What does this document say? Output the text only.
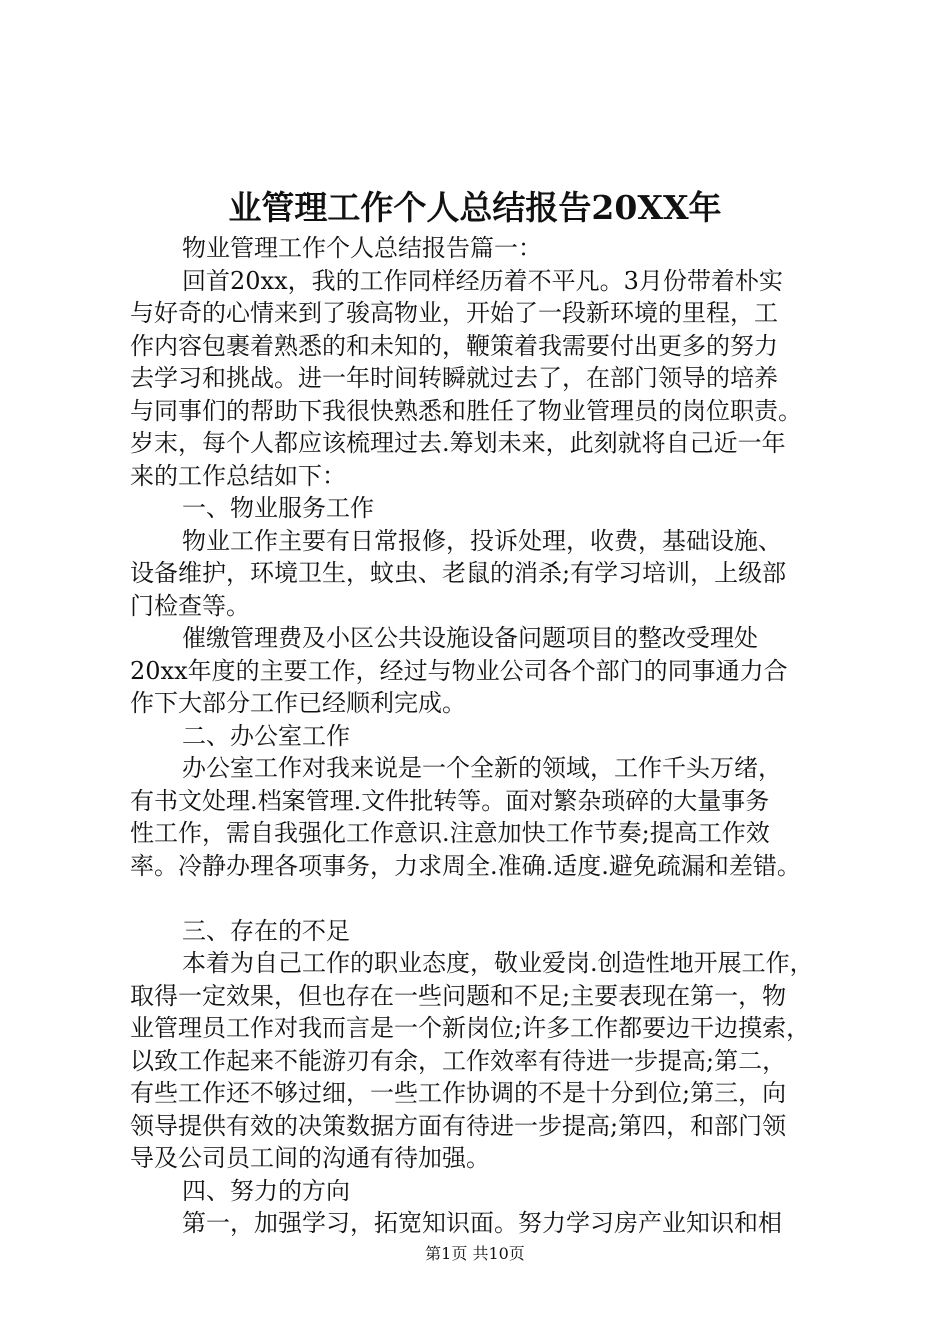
业管理工作个人总结报告20XX年
物业管理工作个人总结报告篇一：
回首20xx，我的工作同样经历着不平凡。3月份带着朴实
与好奇的心情来到了骏高物业，开始了一段新环境的里程，工
作内容包裹着熟悉的和未知的，鞭策着我需要付出更多的努力
去学习和挑战。进一年时间转瞬就过去了，在部门领导的培养
与同事们的帮助下我很快熟悉和胜任了物业管理员的岗位职责。
岁末，每个人都应该梳理过去.筹划未来，此刻就将自己近一年
来的工作总结如下：
一、物业服务工作
物业工作主要有日常报修，投诉处理，收费，基础设施、
设备维护，环境卫生，蚊虫、老鼠的消杀;有学习培训，上级部
门检查等。
催缴管理费及小区公共设施设备问题项目的整改受理处
20xx年度的主要工作，经过与物业公司各个部门的同事通力合
作下大部分工作已经顺利完成。
二、办公室工作
办公室工作对我来说是一个全新的领域，工作千头万绪，
有书文处理.档案管理.文件批转等。面对繁杂琐碎的大量事务
性工作，需自我强化工作意识.注意加快工作节奏;提高工作效
率。冷静办理各项事务，力求周全.准确.适度.避免疏漏和差错。
三、存在的不足
本着为自己工作的职业态度，敬业爱岗.创造性地开展工作，
取得一定效果，但也存在一些问题和不足;主要表现在第一，物
业管理员工作对我而言是一个新岗位;许多工作都要边干边摸索，
以致工作起来不能游刃有余，工作效率有待进一步提高;第二，
有些工作还不够过细，一些工作协调的不是十分到位;第三，向
领导提供有效的决策数据方面有待进一步提高;第四，和部门领
导及公司员工间的沟通有待加强。
四、努力的方向
第一，加强学习，拓宽知识面。努力学习房产业知识和相
第1页 共10页
